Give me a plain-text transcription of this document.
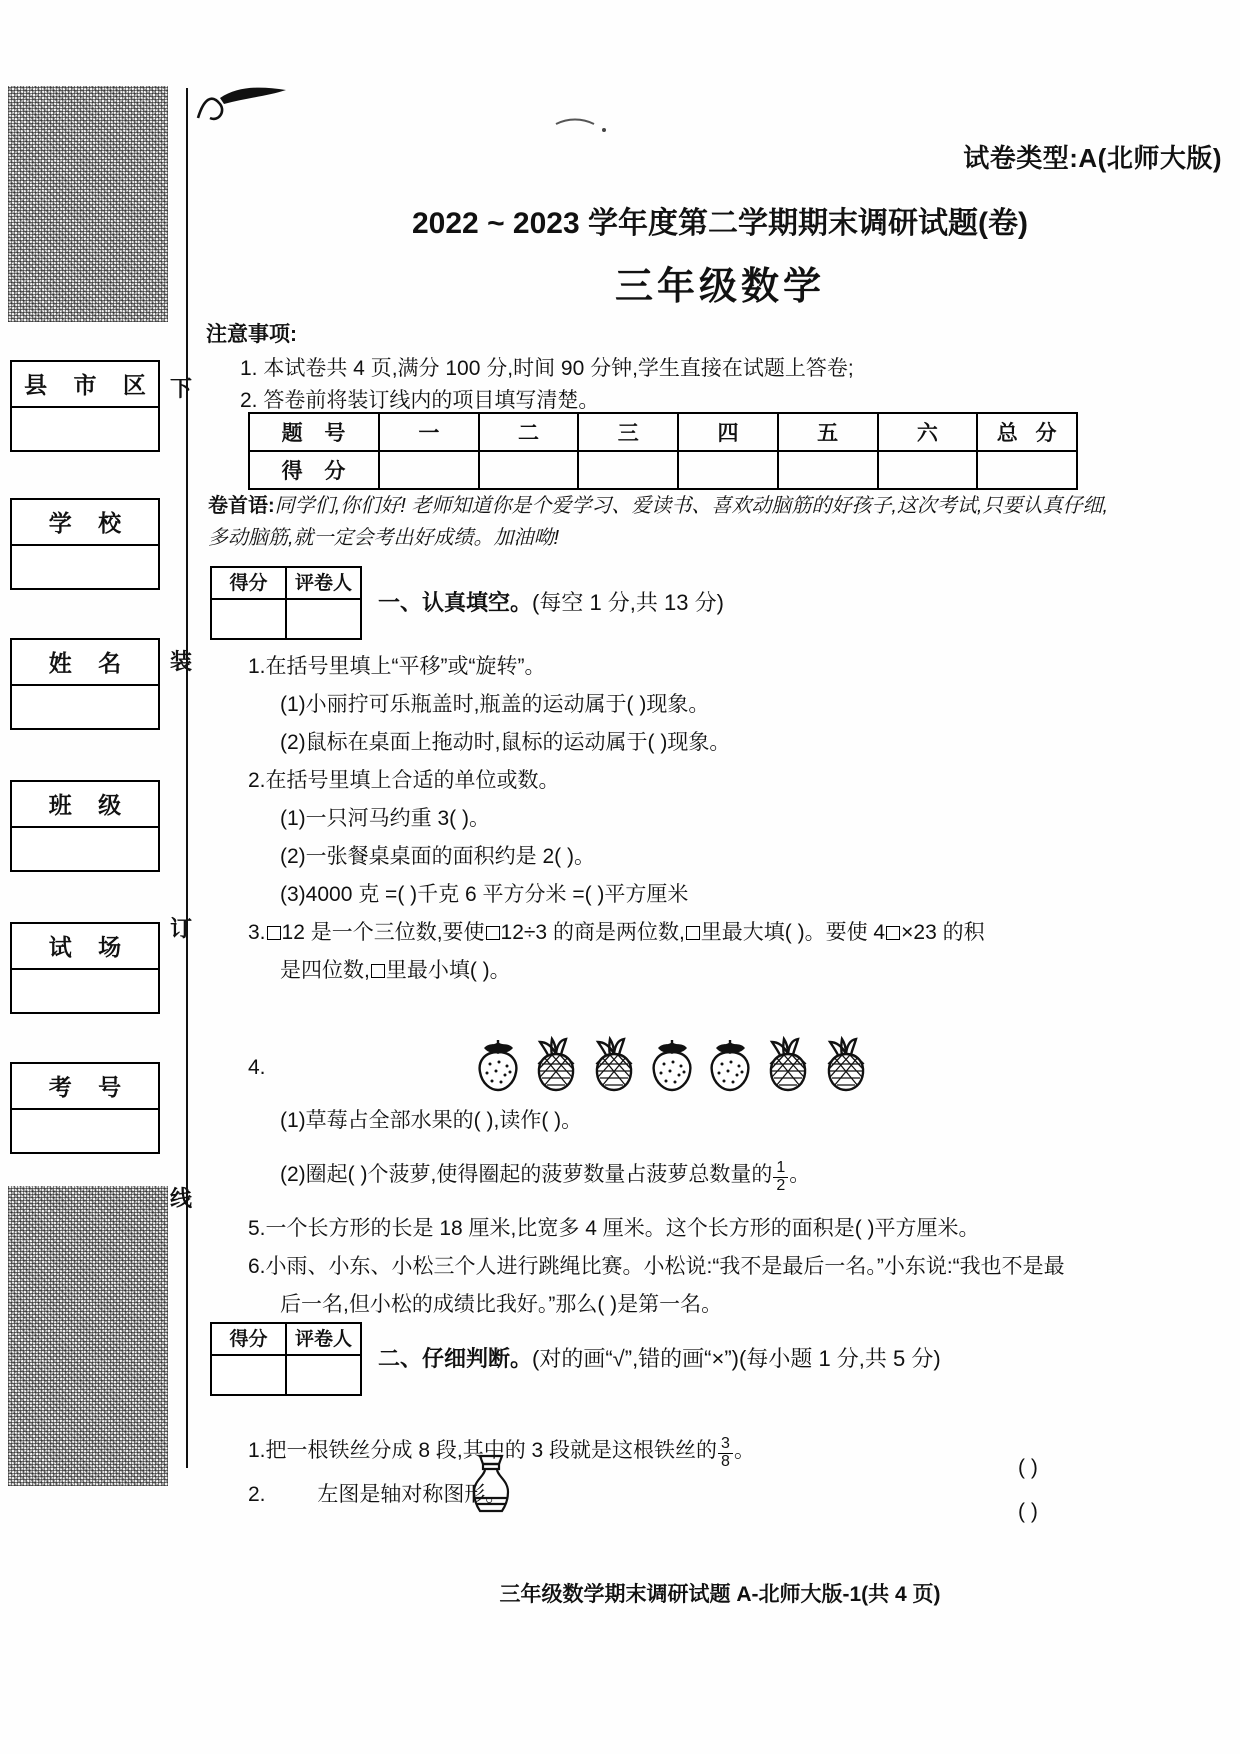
县 市 区
学 校
姓 名
班 级
试 场
考 号
下
装
订
线
试卷类型:A(北师大版)
2022 ~ 2023 学年度第二学期期末调研试题(卷)
三年级数学
注意事项:
1. 本试卷共 4 页,满分 100 分,时间 90 分钟,学生直接在试题上答卷;
2. 答卷前将装订线内的项目填写清楚。
题 号	一	二	三	四	五	六	总 分
得 分							
卷首语:同学们,你们好! 老师知道你是个爱学习、爱读书、喜欢动脑筋的好孩子,这次考试,只要认真仔细,多动脑筋,就一定会考出好成绩。加油呦!
得分	评卷人
一、认真填空。(每空 1 分,共 13 分)
1.在括号里填上“平移”或“旋转”。
(1)小丽拧可乐瓶盖时,瓶盖的运动属于( )现象。
(2)鼠标在桌面上拖动时,鼠标的运动属于( )现象。
2.在括号里填上合适的单位或数。
(1)一只河马约重 3( )。
(2)一张餐桌桌面的面积约是 2( )。
(3)4000 克 =( )千克 6 平方分米 =( )平方厘米
3. 12 是一个三位数,要使 12÷3 的商是两位数, 里最大填( )。要使 4 ×23 的积
是四位数, 里最小填( )。
4.
(1)草莓占全部水果的( ),读作( )。
(2)圈起( )个菠萝,使得圈起的菠萝数量占菠萝总数量的 $\frac{1}{2}$ 。
5.一个长方形的长是 18 厘米,比宽多 4 厘米。这个长方形的面积是( )平方厘米。
6.小雨、小东、小松三个人进行跳绳比赛。小松说:“我不是最后一名。”小东说:“我也不是最
后一名,但小松的成绩比我好。”那么( )是第一名。
得分	评卷人
二、仔细判断。(对的画“√”,错的画“×”)(每小题 1 分,共 5 分)
1.把一根铁丝分成 8 段,其中的 3 段就是这根铁丝的 $\frac{3}{8}$ 。
( )
2. 左图是轴对称图形。
( )
三年级数学期末调研试题 A-北师大版-1(共 4 页)
